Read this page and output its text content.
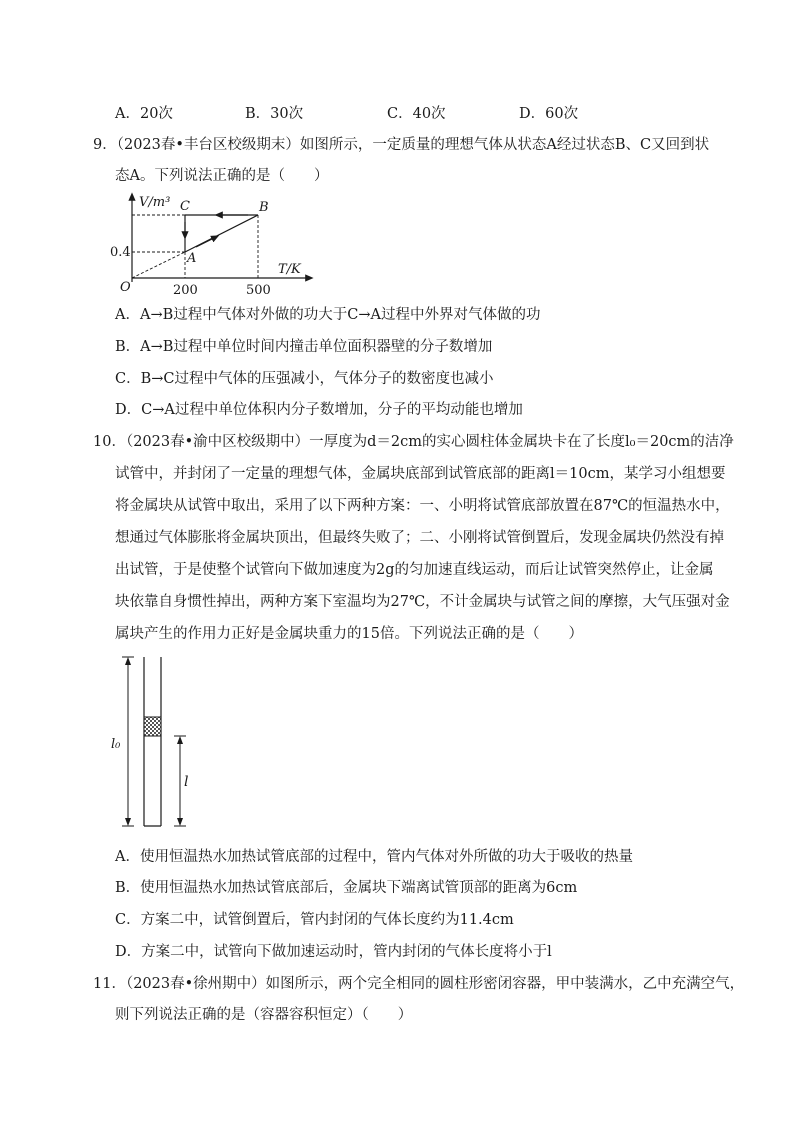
A．20次	B．30次	C．40次	D．60次
9．（2023春•丰台区校级期末）如图所示，一定质量的理想气体从状态A经过状态B、C又回到状
态A。下列说法正确的是（　　）
V/m³
T/K
O
0.4
200	500
A
B
C
A．A→B过程中气体对外做的功大于C→A过程中外界对气体做的功
B．A→B过程中单位时间内撞击单位面积器壁的分子数增加
C．B→C过程中气体的压强减小，气体分子的数密度也减小
D．C→A过程中单位体积内分子数增加，分子的平均动能也增加
10．（2023春•渝中区校级期中）一厚度为d＝2cm的实心圆柱体金属块卡在了长度l₀＝20cm的洁净
试管中，并封闭了一定量的理想气体，金属块底部到试管底部的距离l＝10cm，某学习小组想要
将金属块从试管中取出，采用了以下两种方案：一、小明将试管底部放置在87℃的恒温热水中，
想通过气体膨胀将金属块顶出，但最终失败了；二、小刚将试管倒置后，发现金属块仍然没有掉
出试管，于是使整个试管向下做加速度为2g的匀加速直线运动，而后让试管突然停止，让金属
块依靠自身惯性掉出，两种方案下室温均为27℃，不计金属块与试管之间的摩擦，大气压强对金
属块产生的作用力正好是金属块重力的15倍。下列说法正确的是（　　）
l₀
l
A．使用恒温热水加热试管底部的过程中，管内气体对外所做的功大于吸收的热量
B．使用恒温热水加热试管底部后，金属块下端离试管顶部的距离为6cm
C．方案二中，试管倒置后，管内封闭的气体长度约为11.4cm
D．方案二中，试管向下做加速运动时，管内封闭的气体长度将小于l
11．（2023春•徐州期中）如图所示，两个完全相同的圆柱形密闭容器，甲中装满水，乙中充满空气，
则下列说法正确的是（容器容积恒定）（　　）
